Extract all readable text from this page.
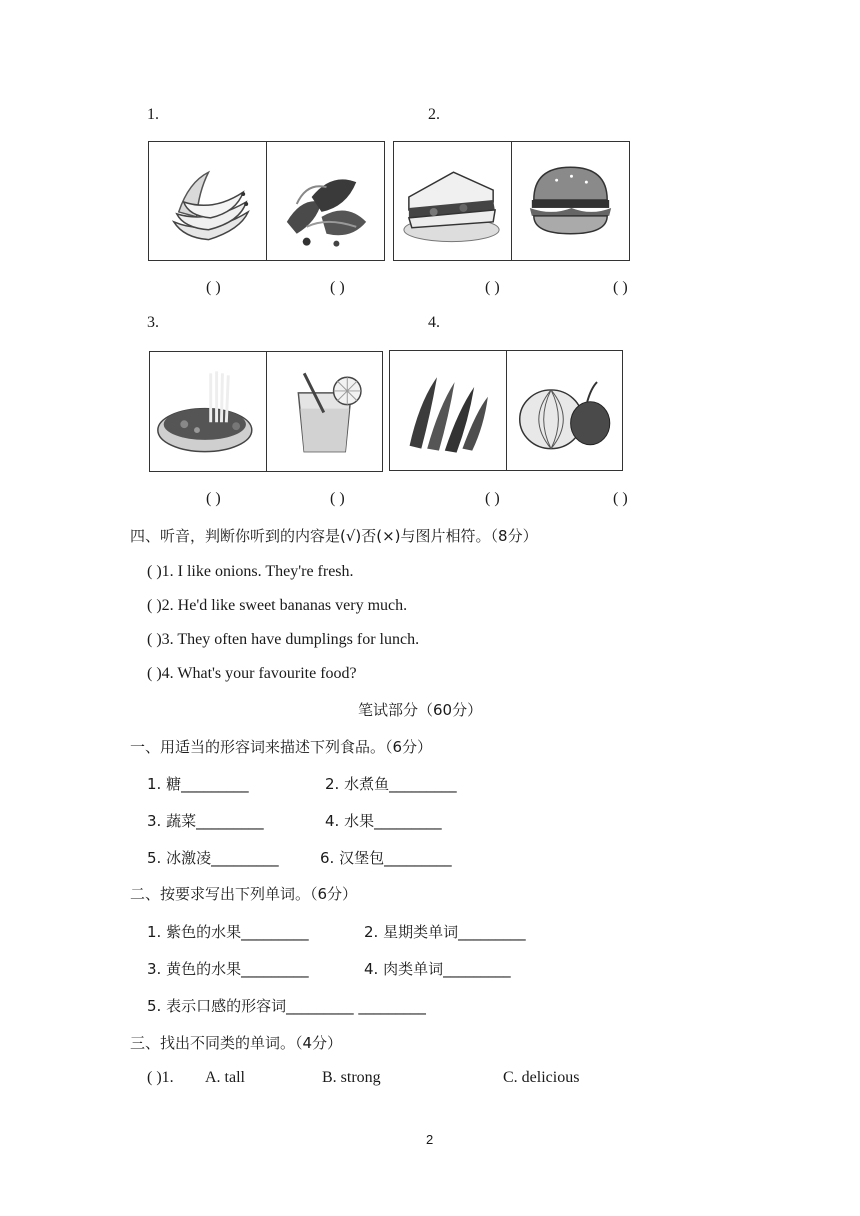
1.	2.
( )	( )	( )	( )
3.	4.
( )	( )	( )	( )
四、听音，判断你听到的内容是(√)否(×)与图片相符。（8分）
( )1. I like onions. They're fresh.
( )2. He'd like sweet bananas very much.
( )3. They often have dumplings for lunch.
( )4. What's your favourite food?
笔试部分（60分）
一、用适当的形容词来描述下列食品。（6分）
1. 糖_________	2. 水煮鱼_________
3. 蔬菜_________	4. 水果_________
5. 冰激凌_________	6. 汉堡包_________
二、按要求写出下列单词。（6分）
1. 紫色的水果_________	2. 星期类单词_________
3. 黄色的水果_________	4. 肉类单词_________
5. 表示口感的形容词_________ _________
三、找出不同类的单词。（4分）
( )1. A. tall	B. strong	C. delicious
2
